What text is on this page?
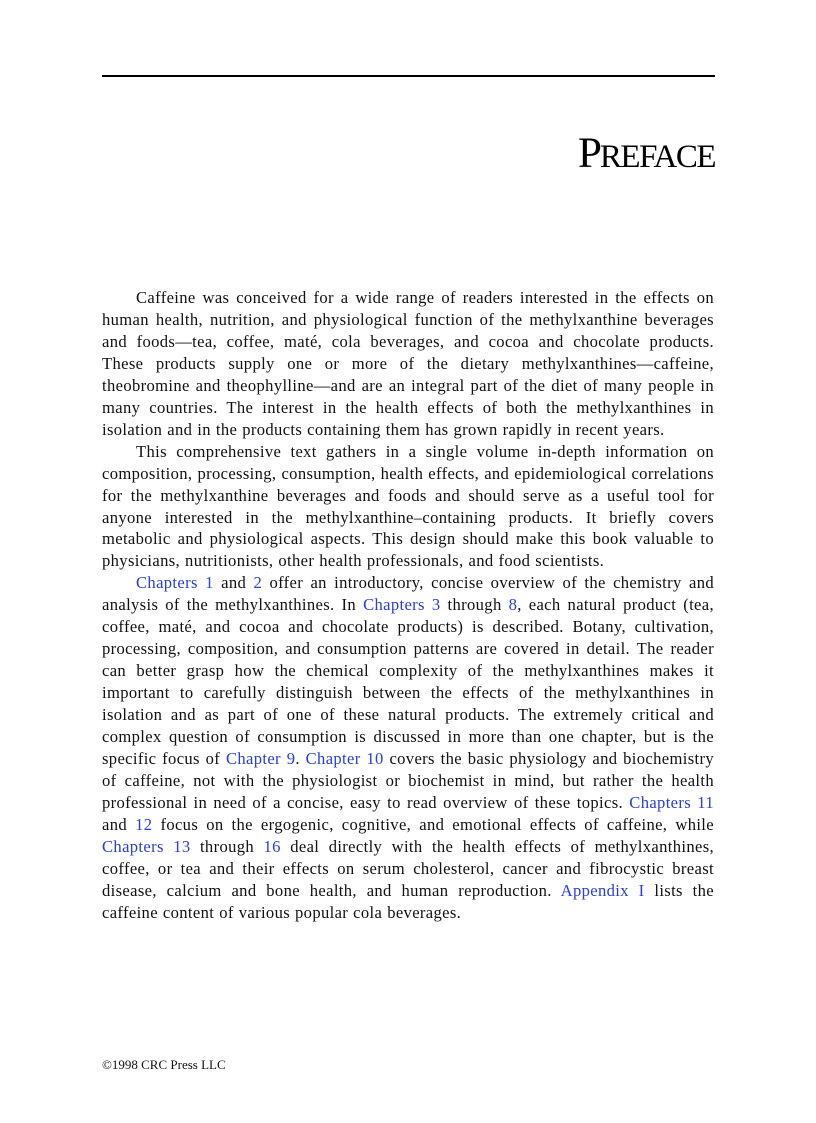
PREFACE

Caffeine was conceived for a wide range of readers interested in the effects on human health, nutrition, and physiological function of the methylxanthine beverages and foods—tea, coffee, maté, cola beverages, and cocoa and chocolate products. These products supply one or more of the dietary methylxanthines—caffeine, theobromine and theophylline—and are an integral part of the diet of many people in many countries. The interest in the health effects of both the methylxanthines in isolation and in the products containing them has grown rapidly in recent years.

This comprehensive text gathers in a single volume in-depth information on composition, processing, consumption, health effects, and epidemiological correlations for the methylxanthine beverages and foods and should serve as a useful tool for anyone interested in the methylxanthine–containing products. It briefly covers metabolic and physiological aspects. This design should make this book valuable to physicians, nutritionists, other health professionals, and food scientists.

Chapters 1 and 2 offer an introductory, concise overview of the chemistry and analysis of the methylxanthines. In Chapters 3 through 8, each natural product (tea, coffee, maté, and cocoa and chocolate products) is described. Botany, cultivation, processing, composition, and consumption patterns are covered in detail. The reader can better grasp how the chemical complexity of the methylxanthines makes it important to carefully distinguish between the effects of the methylxanthines in isolation and as part of one of these natural products. The extremely critical and complex question of consumption is discussed in more than one chapter, but is the specific focus of Chapter 9. Chapter 10 covers the basic physiology and biochemistry of caffeine, not with the physiologist or biochemist in mind, but rather the health professional in need of a concise, easy to read overview of these topics. Chapters 11 and 12 focus on the ergogenic, cognitive, and emotional effects of caffeine, while Chapters 13 through 16 deal directly with the health effects of methylxanthines, coffee, or tea and their effects on serum cholesterol, cancer and fibrocystic breast disease, calcium and bone health, and human reproduction. Appendix I lists the caffeine content of various popular cola beverages.

©1998 CRC Press LLC
